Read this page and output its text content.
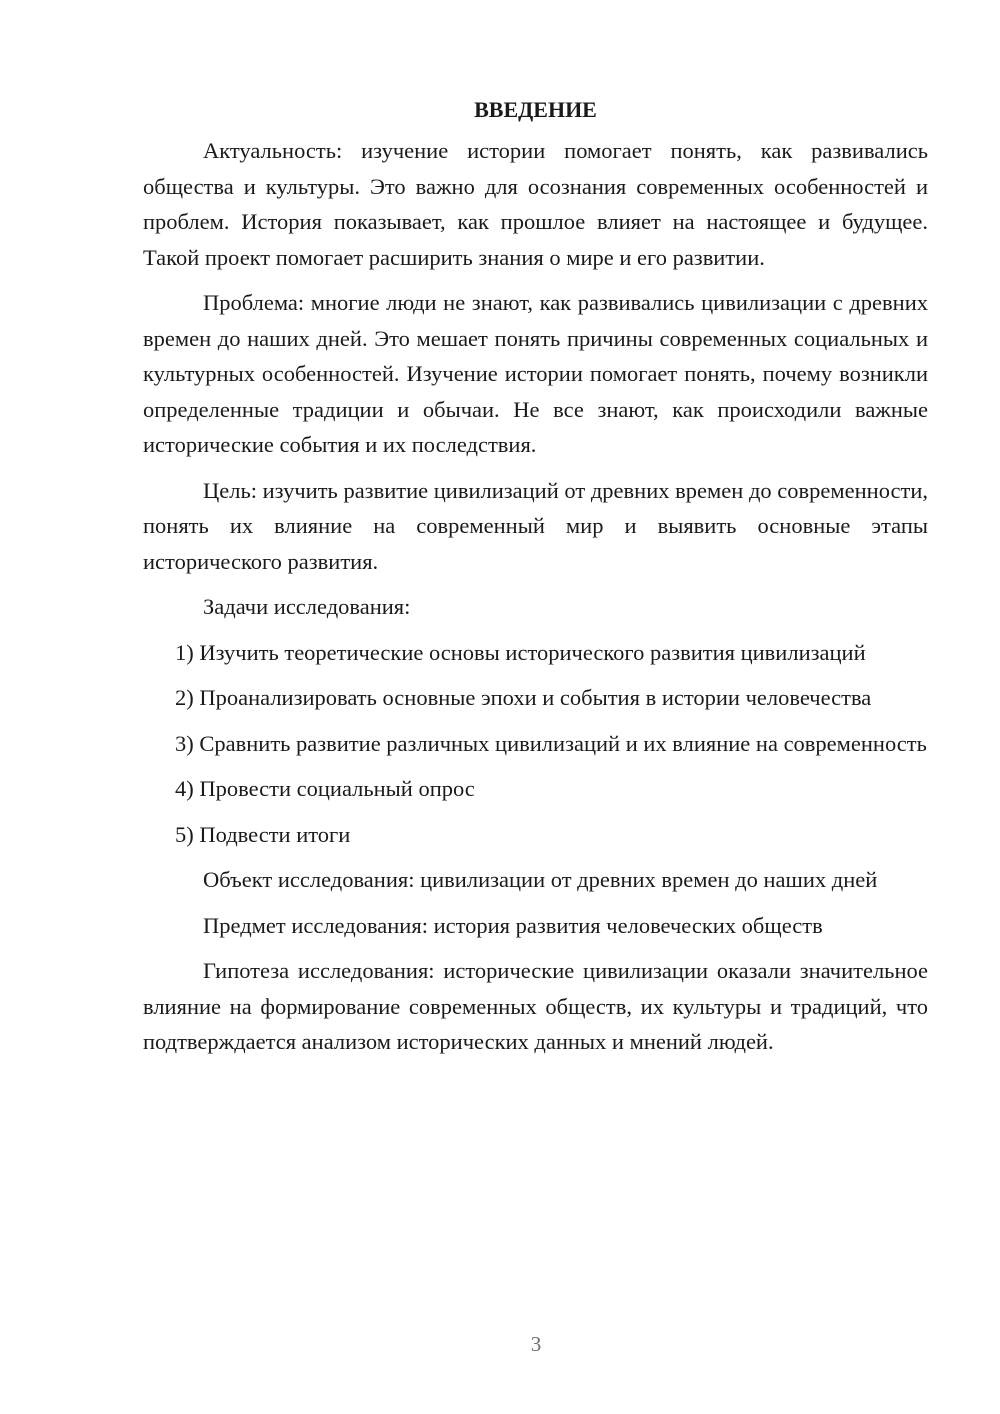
ВВЕДЕНИЕ

Актуальность: изучение истории помогает понять, как развивались общества и культуры. Это важно для осознания современных особенностей и проблем. История показывает, как прошлое влияет на настоящее и будущее. Такой проект помогает расширить знания о мире и его развитии.

Проблема: многие люди не знают, как развивались цивилизации с древних времен до наших дней. Это мешает понять причины современных социальных и культурных особенностей. Изучение истории помогает понять, почему возникли определенные традиции и обычаи. Не все знают, как происходили важные исторические события и их последствия.

Цель: изучить развитие цивилизаций от древних времен до современности, понять их влияние на современный мир и выявить основные этапы исторического развития.

Задачи исследования:

1) Изучить теоретические основы исторического развития цивилизаций

2) Проанализировать основные эпохи и события в истории человечества

3) Сравнить развитие различных цивилизаций и их влияние на современность

4) Провести социальный опрос

5) Подвести итоги

Объект исследования: цивилизации от древних времен до наших дней

Предмет исследования: история развития человеческих обществ

Гипотеза исследования: исторические цивилизации оказали значительное влияние на формирование современных обществ, их культуры и традиций, что подтверждается анализом исторических данных и мнений людей.

3
